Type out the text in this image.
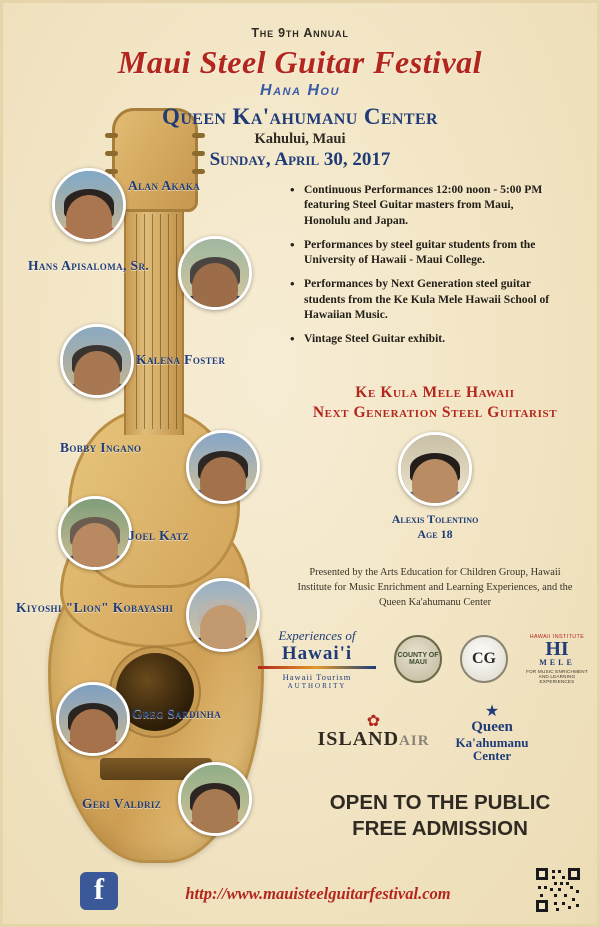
The 9th Annual
Maui Steel Guitar Festival
Hana Hou
Queen Ka'ahumanu Center
Kahului, Maui
Sunday, April 30, 2017
Alan Akaka
Hans Apisaloma, Sr.
Kalena Foster
Bobby Ingano
Joel Katz
Kiyoshi "Lion" Kobayashi
Greg Sardinha
Geri Valdriz
• Continuous Performances 12:00 noon - 5:00 PM featuring Steel Guitar masters from Maui, Honolulu and Japan.
• Performances by steel guitar students from the University of Hawaii - Maui College.
• Performances by Next Generation steel guitar students from the Ke Kula Mele Hawaii School of Hawaiian Music.
• Vintage Steel Guitar exhibit.
Ke Kula Mele Hawaii
Next Generation Steel Guitarist
Alexis Tolentino
Age 18
Presented by the Arts Education for Children Group, Hawaii Institute for Music Enrichment and Learning Experiences, and the Queen Ka'ahumanu Center
Experiences of
Hawai'i
Hawaii Tourism
AUTHORITY
COUNTY OF MAUI	CG
HAWAII INSTITUTE
HI
MELE
FOR MUSIC ENRICHMENT AND LEARNING EXPERIENCES
✿
ISLANDAIR
★
Queen
Ka'ahumanu
Center
OPEN TO THE PUBLIC
FREE ADMISSION
f	http://www.mauisteelguitarfestival.com
